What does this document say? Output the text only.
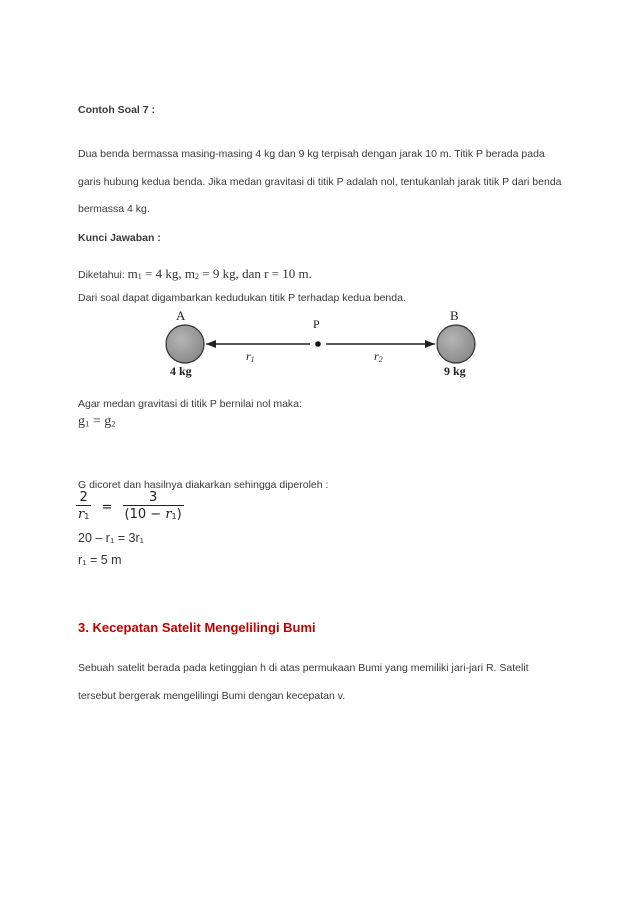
Contoh Soal 7 :
Dua benda bermassa masing-masing 4 kg dan 9 kg terpisah dengan jarak 10 m. Titik P berada pada
garis hubung kedua benda. Jika medan gravitasi di titik P adalah nol, tentukanlah jarak titik P dari benda
bermassa 4 kg.
Kunci Jawaban :
Diketahui: m1 = 4 kg, m2 = 9 kg, dan r = 10 m.
Dari soal dapat digambarkan kedudukan titik P terhadap kedua benda.
A	B
P
r1	r2
4 kg	9 kg
Agar medan gravitasi di titik P bernilai nol maka:
g1 = g2
G dicoret dan hasilnya diakarkan sehingga diperoleh :
$\frac{2}{r1} = \frac{3}{(10 - r1)}$
20 – r1 = 3r1
r1 = 5 m
3. Kecepatan Satelit Mengelilingi Bumi
Sebuah satelit berada pada ketinggian h di atas permukaan Bumi yang memiliki jari-jari R. Satelit
tersebut bergerak mengelilingi Bumi dengan kecepatan v.
